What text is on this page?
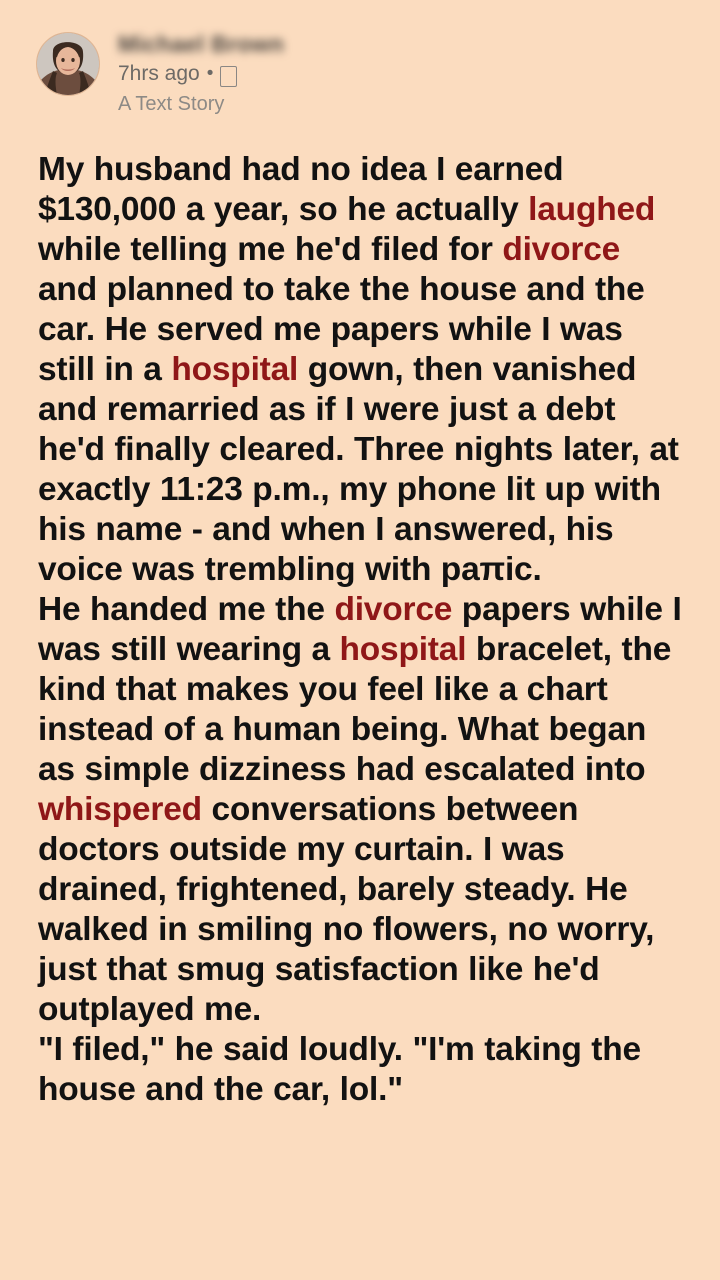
Michael Brown
7hrs ago •
A Text Story

My husband had no idea I earned $130,000 a year, so he actually laughed while telling me he'd filed for divorce and planned to take the house and the car. He served me papers while I was still in a hospital gown, then vanished and remarried as if I were just a debt he'd finally cleared. Three nights later, at exactly 11:23 p.m., my phone lit up with his name - and when I answered, his voice was trembling with paπic.

He handed me the divorce papers while I was still wearing a hospital bracelet, the kind that makes you feel like a chart instead of a human being. What began as simple dizziness had escalated into whispered conversations between doctors outside my curtain. I was drained, frightened, barely steady. He walked in smiling no flowers, no worry, just that smug satisfaction like he'd outplayed me.

"I filed," he said loudly. "I'm taking the house and the car, lol."
